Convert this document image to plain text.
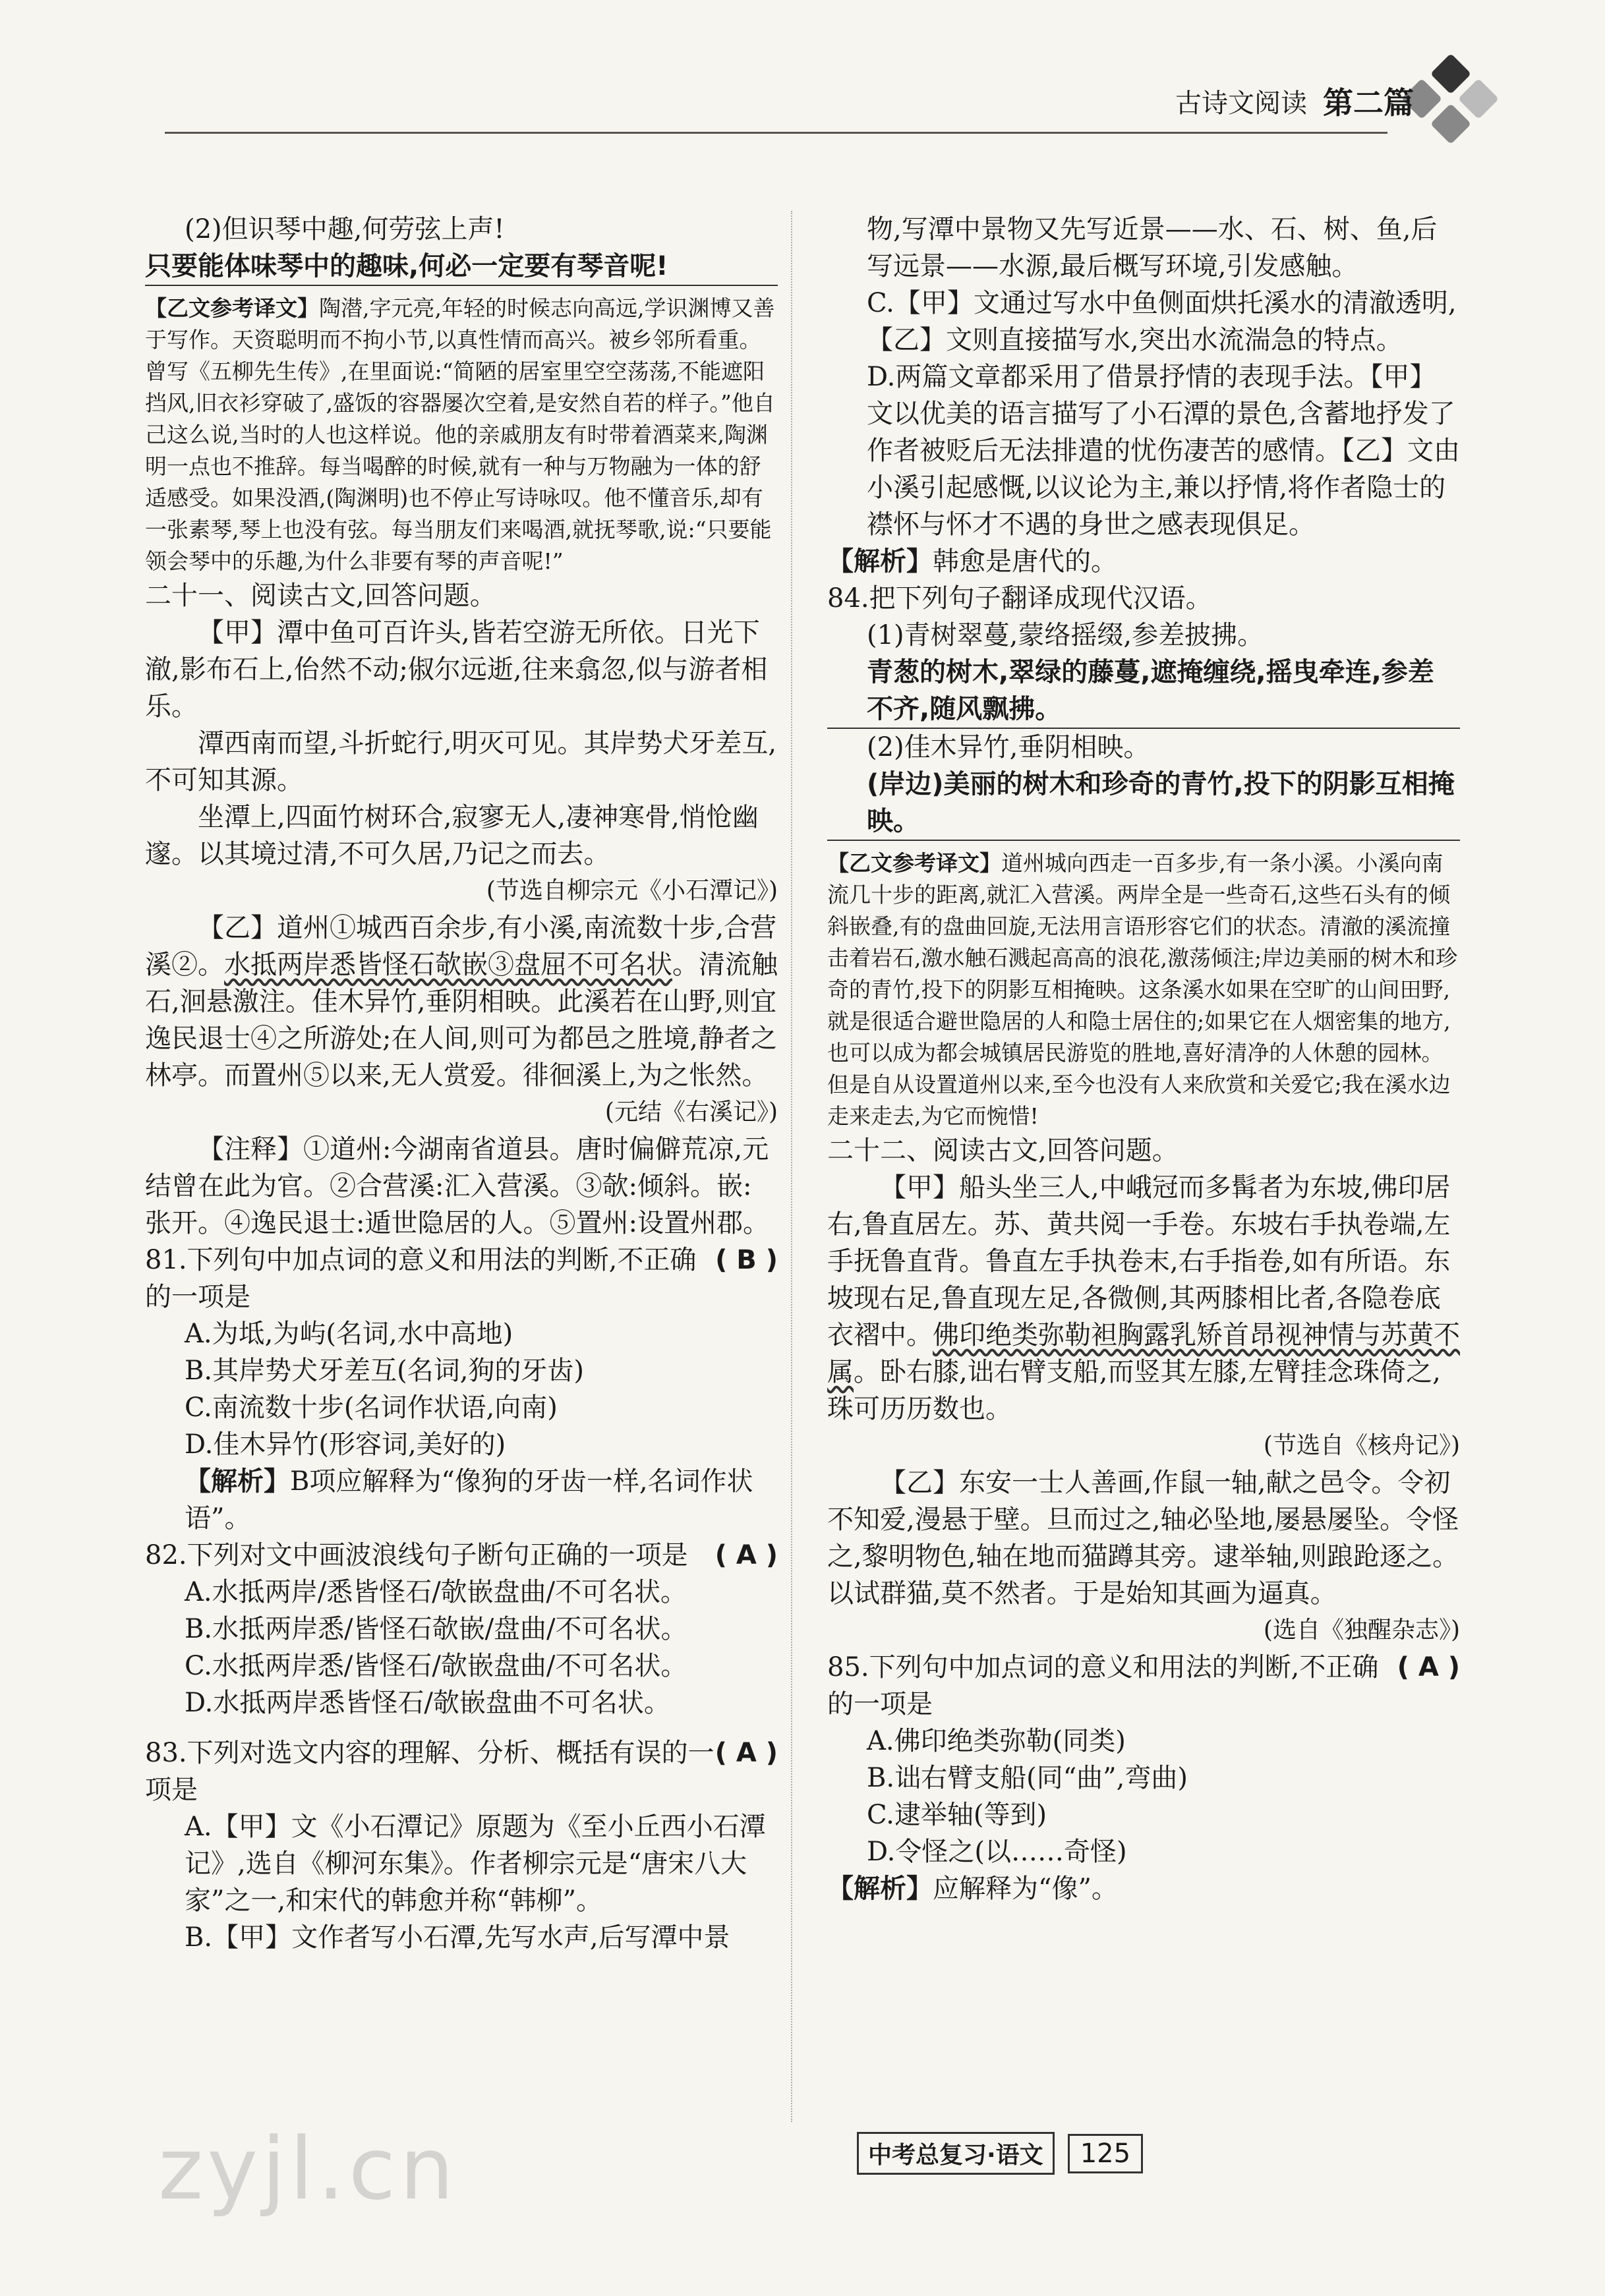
古诗文阅读 第二篇

(2)但识琴中趣,何劳弦上声!

只要能体味琴中的趣味,何必一定要有琴音呢!

【乙文参考译文】陶潜,字元亮,年轻的时候志向高远,学识渊博又善于写作。天资聪明而不拘小节,以真性情而高兴。被乡邻所看重。曾写《五柳先生传》,在里面说:“简陋的居室里空空荡荡,不能遮阳挡风,旧衣衫穿破了,盛饭的容器屡次空着,是安然自若的样子。”他自己这么说,当时的人也这样说。他的亲戚朋友有时带着酒菜来,陶渊明一点也不推辞。每当喝醉的时候,就有一种与万物融为一体的舒适感受。如果没酒,(陶渊明)也不停止写诗咏叹。他不懂音乐,却有一张素琴,琴上也没有弦。每当朋友们来喝酒,就抚琴歌,说:“只要能领会琴中的乐趣,为什么非要有琴的声音呢!”

二十一、阅读古文,回答问题。

【甲】潭中鱼可百许头,皆若空游无所依。日光下澈,影布石上,佁然不动;俶尔远逝,往来翕忽,似与游者相乐。

潭西南而望,斗折蛇行,明灭可见。其岸势犬牙差互,不可知其源。

坐潭上,四面竹树环合,寂寥无人,凄神寒骨,悄怆幽邃。以其境过清,不可久居,乃记之而去。

(节选自柳宗元《小石潭记》)

【乙】道州①城西百余步,有小溪,南流数十步,合营溪②。水抵两岸悉皆怪石欹嵌③盘屈不可名状。清流触石,洄悬激注。佳木异竹,垂阴相映。此溪若在山野,则宜逸民退士④之所游处;在人间,则可为都邑之胜境,静者之林亭。而置州⑤以来,无人赏爱。徘徊溪上,为之怅然。

(元结《右溪记》)

【注释】①道州:今湖南省道县。唐时偏僻荒凉,元结曾在此为官。②合营溪:汇入营溪。③欹:倾斜。嵌:张开。④逸民退士:遁世隐居的人。⑤置州:设置州郡。

81.下列句中加点词的意义和用法的判断,不正确的一项是
( B )

A.为坻,为屿(名词,水中高地)

B.其岸势犬牙差互(名词,狗的牙齿)

C.南流数十步(名词作状语,向南)

D.佳木异竹(形容词,美好的)

【解析】B项应解释为“像狗的牙齿一样,名词作状语”。

82.下列对文中画波浪线句子断句正确的一项是 ( A )

A.水抵两岸/悉皆怪石/欹嵌盘曲/不可名状。

B.水抵两岸悉/皆怪石欹嵌/盘曲/不可名状。

C.水抵两岸悉/皆怪石/欹嵌盘曲/不可名状。

D.水抵两岸悉皆怪石/欹嵌盘曲不可名状。

83.下列对选文内容的理解、分析、概括有误的一项是
( A )

A.【甲】文《小石潭记》原题为《至小丘西小石潭记》,选自《柳河东集》。作者柳宗元是“唐宋八大家”之一,和宋代的韩愈并称“韩柳”。

B.【甲】文作者写小石潭,先写水声,后写潭中景

物,写潭中景物又先写近景——水、石、树、鱼,后写远景——水源,最后概写环境,引发感触。

C.【甲】文通过写水中鱼侧面烘托溪水的清澈透明,【乙】文则直接描写水,突出水流湍急的特点。

D.两篇文章都采用了借景抒情的表现手法。【甲】文以优美的语言描写了小石潭的景色,含蓄地抒发了作者被贬后无法排遣的忧伤凄苦的感情。【乙】文由小溪引起感慨,以议论为主,兼以抒情,将作者隐士的襟怀与怀才不遇的身世之感表现俱足。

【解析】韩愈是唐代的。

84.把下列句子翻译成现代汉语。

(1)青树翠蔓,蒙络摇缀,参差披拂。

青葱的树木,翠绿的藤蔓,遮掩缠绕,摇曳牵连,参差不齐,随风飘拂。

(2)佳木异竹,垂阴相映。

(岸边)美丽的树木和珍奇的青竹,投下的阴影互相掩映。

【乙文参考译文】道州城向西走一百多步,有一条小溪。小溪向南流几十步的距离,就汇入营溪。两岸全是一些奇石,这些石头有的倾斜嵌叠,有的盘曲回旋,无法用言语形容它们的状态。清澈的溪流撞击着岩石,激水触石溅起高高的浪花,激荡倾注;岸边美丽的树木和珍奇的青竹,投下的阴影互相掩映。这条溪水如果在空旷的山间田野,就是很适合避世隐居的人和隐士居住的;如果它在人烟密集的地方,也可以成为都会城镇居民游览的胜地,喜好清净的人休憩的园林。但是自从设置道州以来,至今也没有人来欣赏和关爱它;我在溪水边走来走去,为它而惋惜!

二十二、阅读古文,回答问题。

【甲】船头坐三人,中峨冠而多髯者为东坡,佛印居右,鲁直居左。苏、黄共阅一手卷。东坡右手执卷端,左手抚鲁直背。鲁直左手执卷末,右手指卷,如有所语。东坡现右足,鲁直现左足,各微侧,其两膝相比者,各隐卷底衣褶中。佛印绝类弥勒袒胸露乳矫首昂视神情与苏黄不属。卧右膝,诎右臂支船,而竖其左膝,左臂挂念珠倚之,珠可历历数也。

(节选自《核舟记》)

【乙】东安一士人善画,作鼠一轴,献之邑令。令初不知爱,漫悬于壁。旦而过之,轴必坠地,屡悬屡坠。令怪之,黎明物色,轴在地而猫蹲其旁。逮举轴,则踉跄逐之。以试群猫,莫不然者。于是始知其画为逼真。

(选自《独醒杂志》)

85.下列句中加点词的意义和用法的判断,不正确的一项是
( A )

A.佛印绝类弥勒(同类)

B.诎右臂支船(同“曲”,弯曲)

C.逮举轴(等到)

D.令怪之(以……奇怪)

【解析】应解释为“像”。

zyjl.cn	中考总复习·语文	125
